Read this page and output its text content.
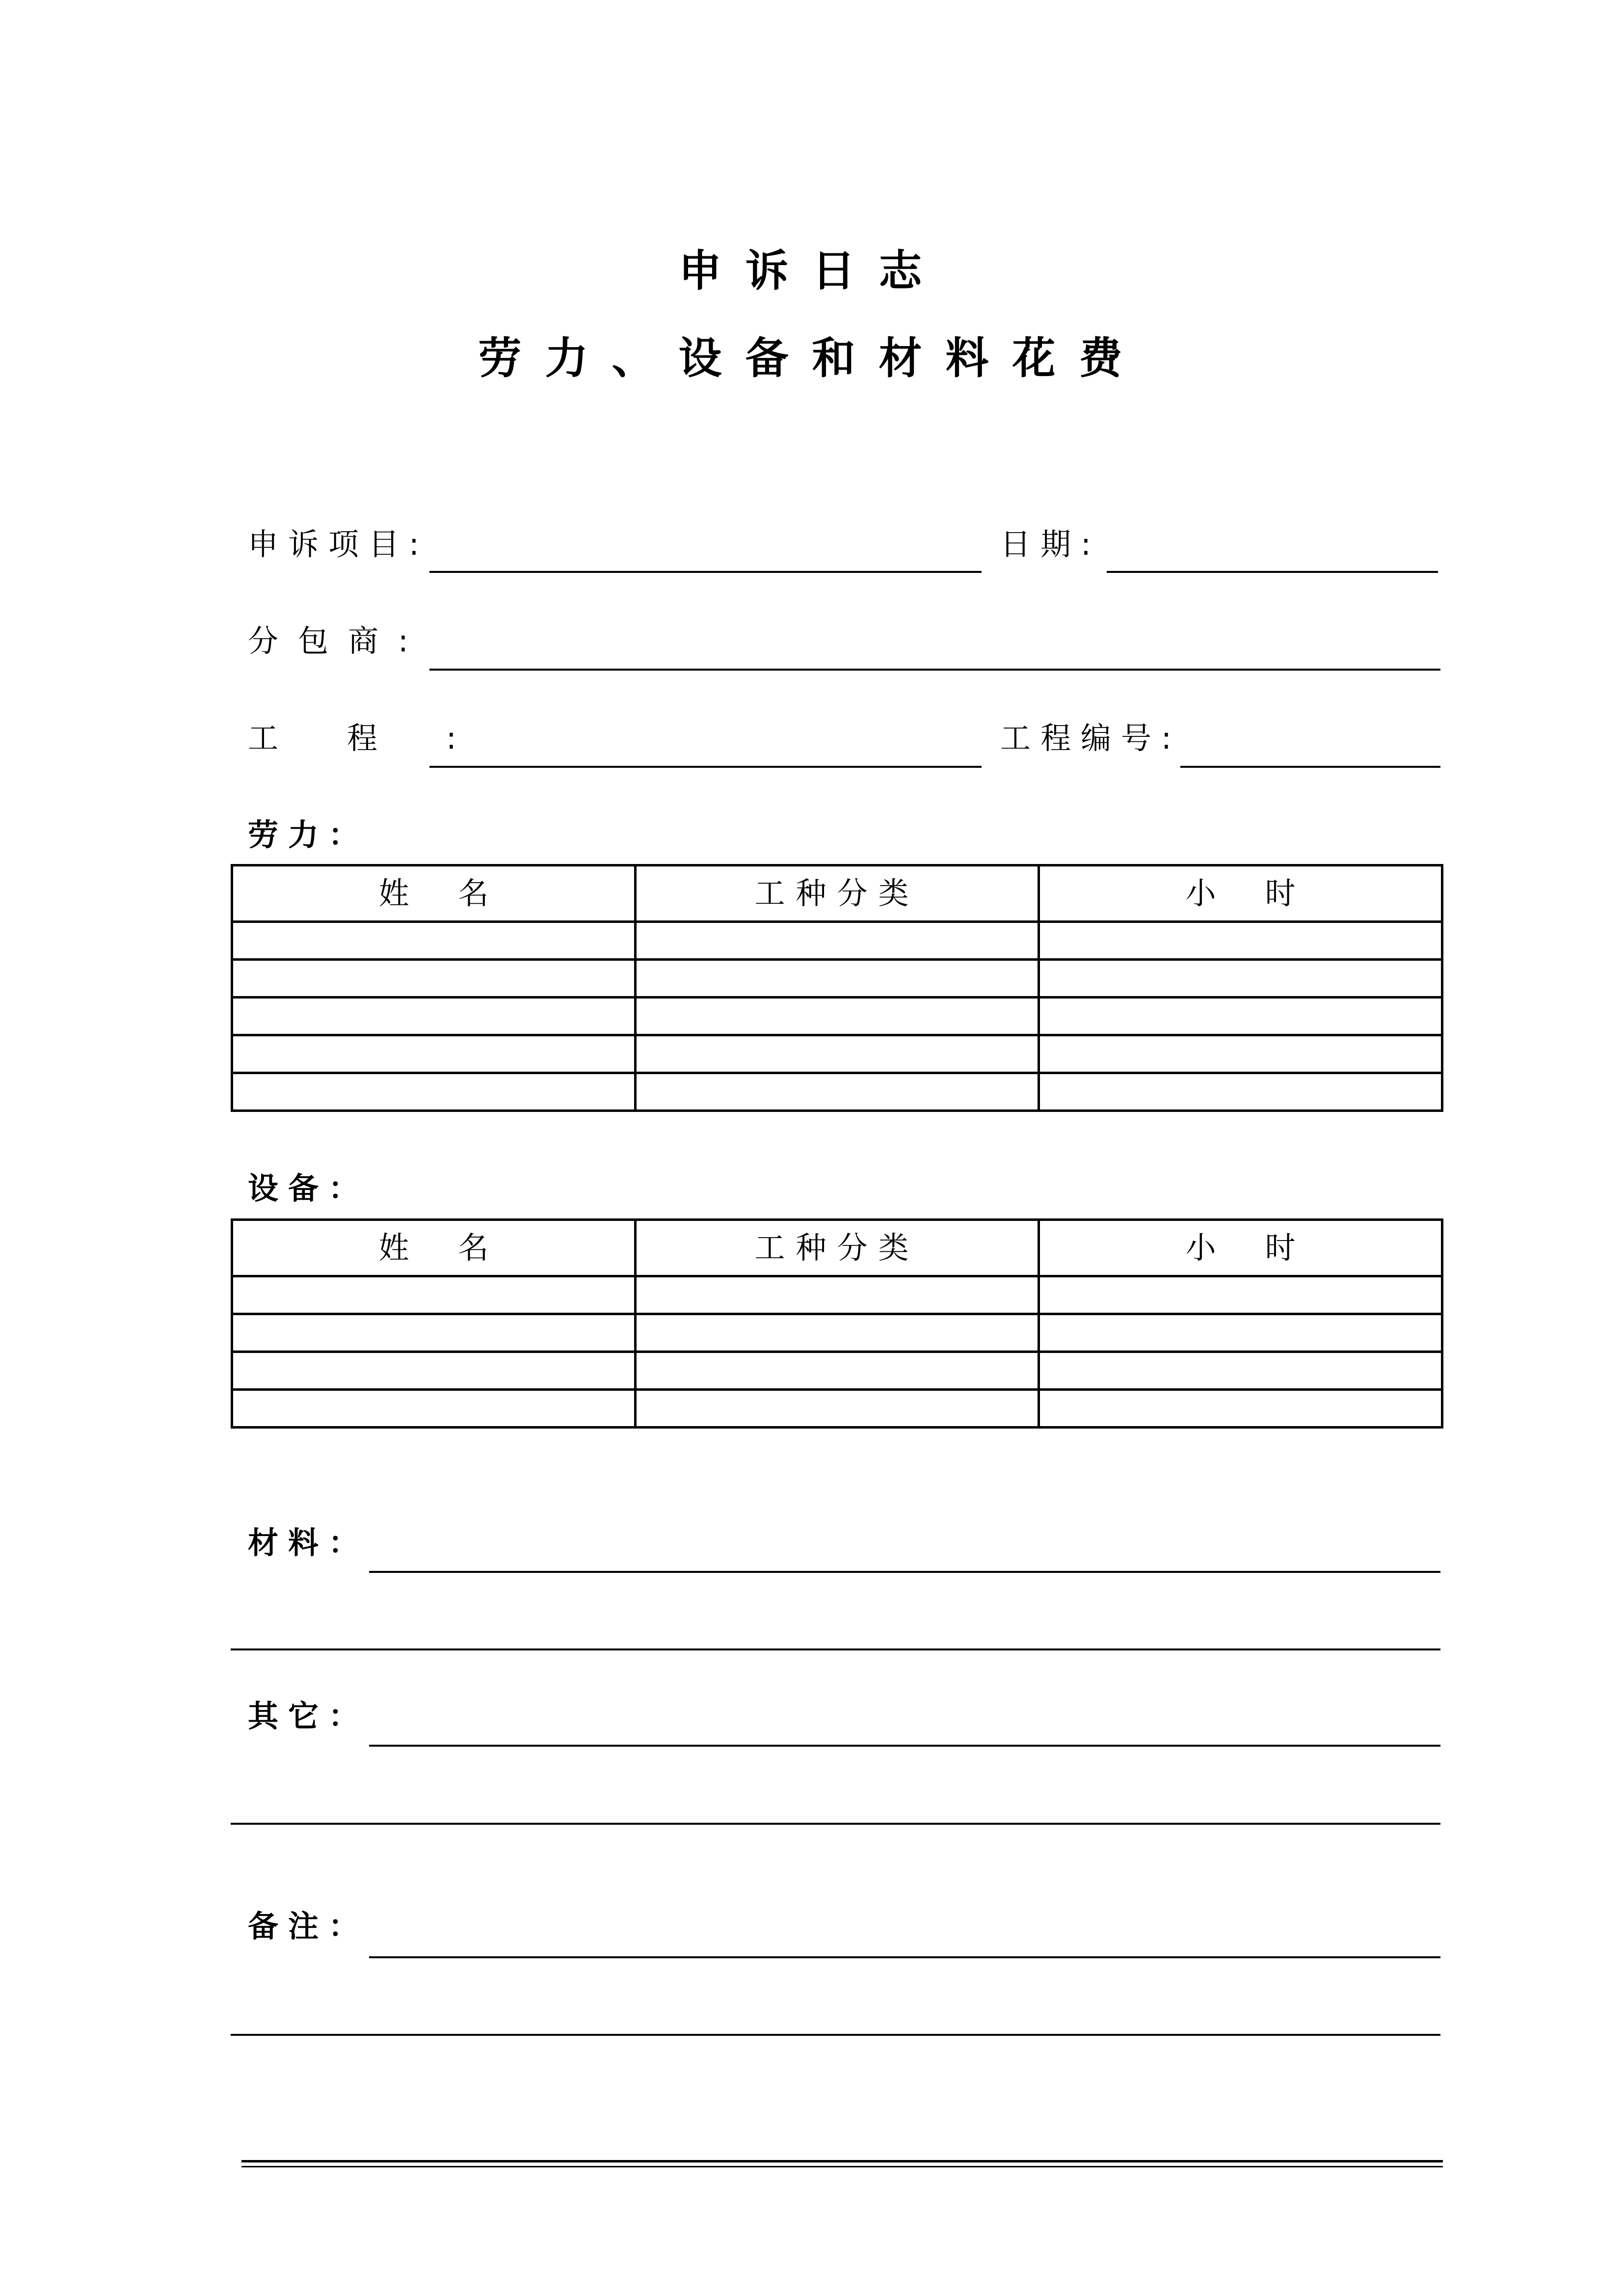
申诉日志
劳力、设备和材料花费
申诉项目:	日期:
分包商:
工程:	工程编号:
劳力：
姓名	工种分类	小时

设备：
姓名	工种分类	小时

材料：
其它：
备注：
